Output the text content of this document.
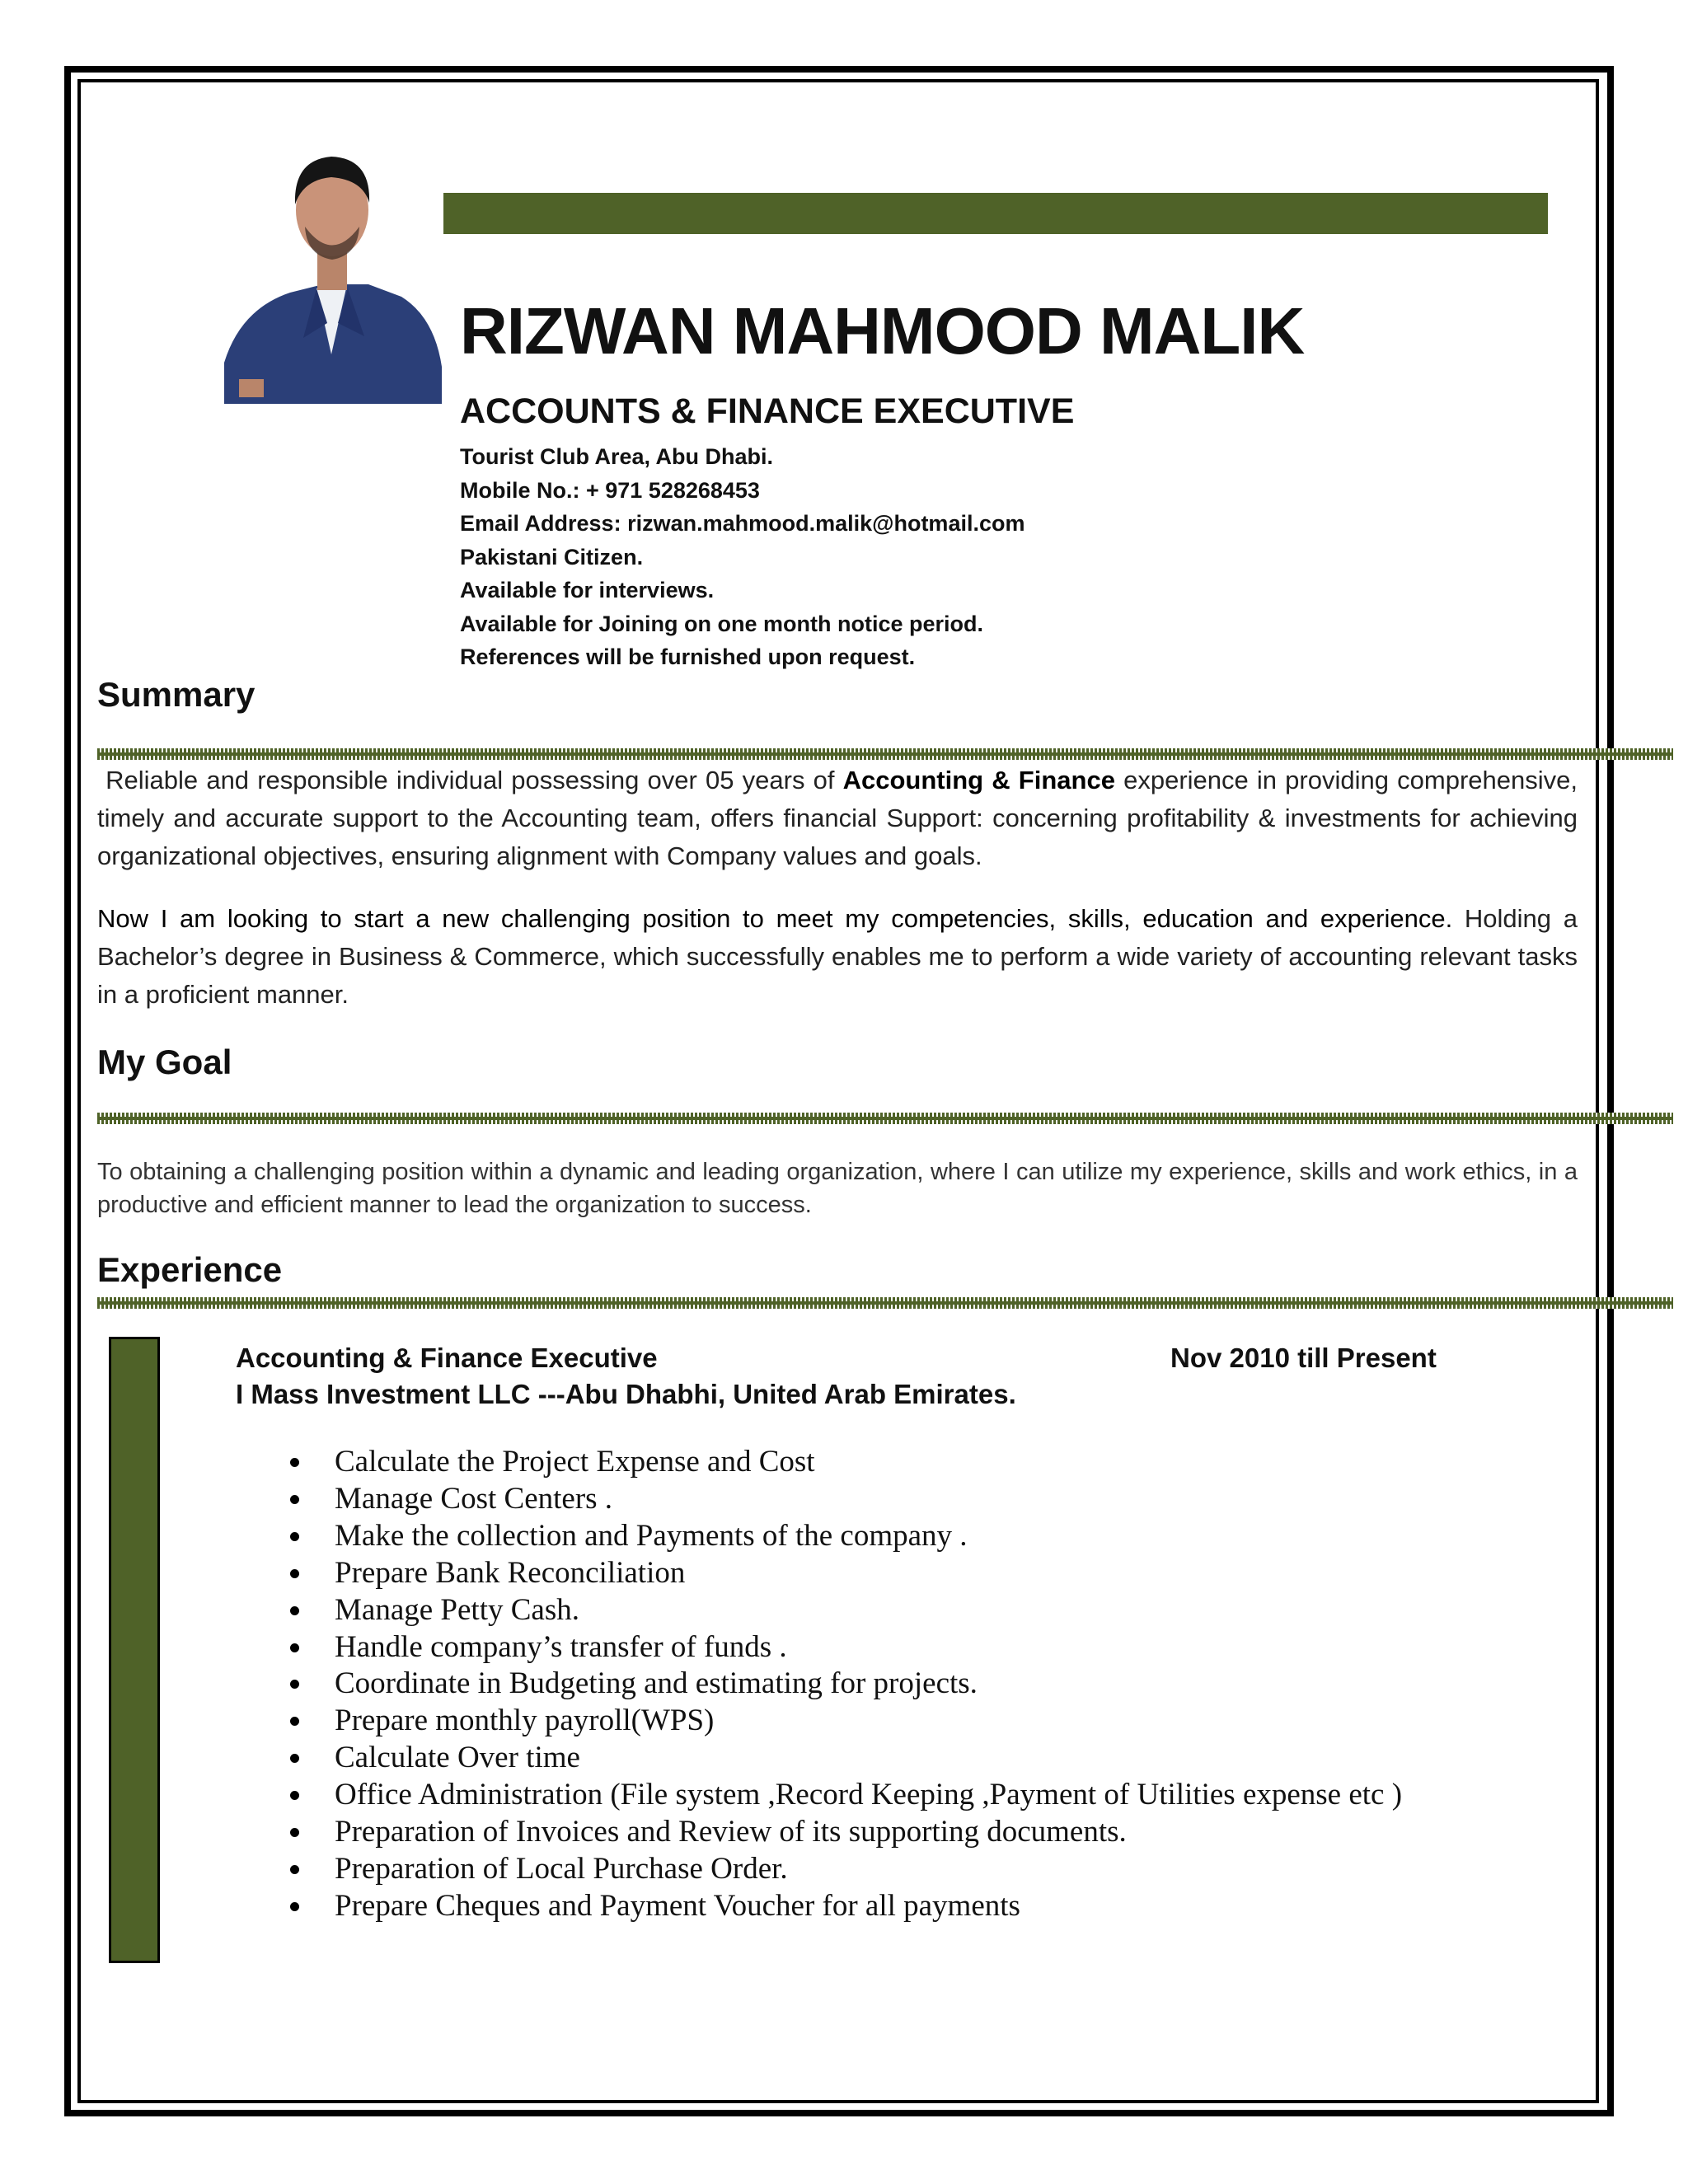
RIZWAN MAHMOOD MALIK
ACCOUNTS & FINANCE EXECUTIVE
Tourist Club Area, Abu Dhabi.
Mobile No.: + 971 528268453
Email Address: rizwan.mahmood.malik@hotmail.com
Pakistani Citizen.
Available for interviews.
Available for Joining on one month notice period.
References will be furnished upon request.
Summary
Reliable and responsible individual possessing over 05 years of Accounting & Finance experience in providing comprehensive, timely and accurate support to the Accounting team, offers financial Support: concerning profitability & investments for achieving organizational objectives, ensuring alignment with Company values and goals.
Now I am looking to start a new challenging position to meet my competencies, skills, education and experience. Holding a Bachelor’s degree in Business & Commerce, which successfully enables me to perform a wide variety of accounting relevant tasks in a proficient manner.
My Goal
To obtaining a challenging position within a dynamic and leading organization, where I can utilize my experience, skills and work ethics, in a productive and efficient manner to lead the organization to success.
Experience
Accounting & Finance Executive	Nov 2010 till Present
I Mass Investment LLC ---Abu Dhabhi, United Arab Emirates.
Calculate the Project Expense and Cost
Manage Cost Centers .
Make the collection and Payments of the company .
Prepare Bank Reconciliation
Manage Petty Cash.
Handle company’s transfer of funds .
Coordinate in Budgeting and estimating for projects.
Prepare monthly payroll(WPS)
Calculate Over time
Office Administration (File system ,Record Keeping ,Payment of Utilities expense etc )
Preparation of Invoices and Review of its supporting documents.
Preparation of Local Purchase Order.
Prepare Cheques and Payment Voucher for all payments
